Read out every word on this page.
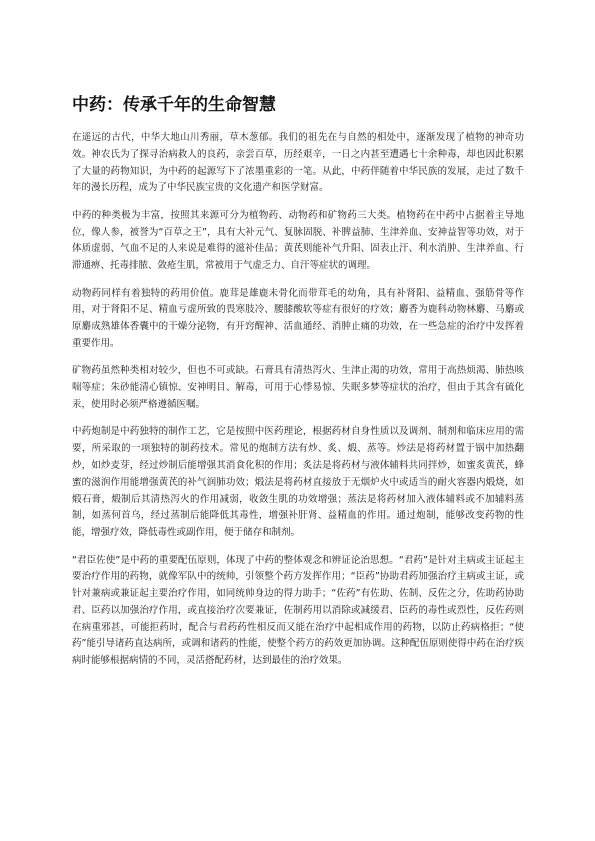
中药：传承千年的生命智慧

在遥远的古代，中华大地山川秀丽，草木葱郁。我们的祖先在与自然的相处中，逐渐发现了植物的神奇功效。神农氏为了探寻治病救人的良药，亲尝百草，历经艰辛，一日之内甚至遭遇七十余种毒，却也因此积累了大量的药物知识，为中药的起源写下了浓墨重彩的一笔。从此，中药伴随着中华民族的发展，走过了数千年的漫长历程，成为了中华民族宝贵的文化遗产和医学财富。

中药的种类极为丰富，按照其来源可分为植物药、动物药和矿物药三大类。植物药在中药中占据着主导地位，像人参，被誉为“百草之王”，具有大补元气、复脉固脱、补脾益肺、生津养血、安神益智等功效，对于体质虚弱、气血不足的人来说是难得的滋补佳品；黄芪则能补气升阳、固表止汗、利水消肿、生津养血、行滞通痹、托毒排脓、敛疮生肌，常被用于气虚乏力、自汗等症状的调理。

动物药同样有着独特的药用价值。鹿茸是雄鹿未骨化而带茸毛的幼角，具有补肾阳、益精血、强筋骨等作用，对于肾阳不足、精血亏虚所致的畏寒肢冷、腰膝酸软等症有很好的疗效；麝香为鹿科动物林麝、马麝或原麝成熟雄体香囊中的干燥分泌物，有开窍醒神、活血通经、消肿止痛的功效，在一些急症的治疗中发挥着重要作用。

矿物药虽然种类相对较少，但也不可或缺。石膏具有清热泻火、生津止渴的功效，常用于高热烦渴、肺热咳喘等症；朱砂能清心镇惊、安神明目、解毒，可用于心悸易惊、失眠多梦等症状的治疗，但由于其含有硫化汞，使用时必须严格遵循医嘱。

中药炮制是中药独特的制作工艺，它是按照中医药理论，根据药材自身性质以及调剂、制剂和临床应用的需要，所采取的一项独特的制药技术。常见的炮制方法有炒、炙、煅、蒸等。炒法是将药材置于锅中加热翻炒，如炒麦芽，经过炒制后能增强其消食化积的作用；炙法是将药材与液体辅料共同拌炒，如蜜炙黄芪，蜂蜜的滋润作用能增强黄芪的补气润肺功效；煅法是将药材直接放于无烟炉火中或适当的耐火容器内煅烧，如煅石膏，煅制后其清热泻火的作用减弱，收敛生肌的功效增强；蒸法是将药材加入液体辅料或不加辅料蒸制，如蒸何首乌，经过蒸制后能降低其毒性，增强补肝肾、益精血的作用。通过炮制，能够改变药物的性能，增强疗效，降低毒性或副作用，便于储存和制剂。

“君臣佐使”是中药的重要配伍原则，体现了中药的整体观念和辨证论治思想。“君药”是针对主病或主证起主要治疗作用的药物，就像军队中的统帅，引领整个药方发挥作用；“臣药”协助君药加强治疗主病或主证，或针对兼病或兼证起主要治疗作用，如同统帅身边的得力助手；“佐药”有佐助、佐制、反佐之分，佐助药协助君、臣药以加强治疗作用，或直接治疗次要兼证，佐制药用以消除或减缓君、臣药的毒性或烈性，反佐药则在病重邪甚，可能拒药时，配合与君药药性相反而又能在治疗中起相成作用的药物，以防止药病格拒；“使药”能引导诸药直达病所，或调和诸药的性能，使整个药方的药效更加协调。这种配伍原则使得中药在治疗疾病时能够根据病情的不同，灵活搭配药材，达到最佳的治疗效果。
